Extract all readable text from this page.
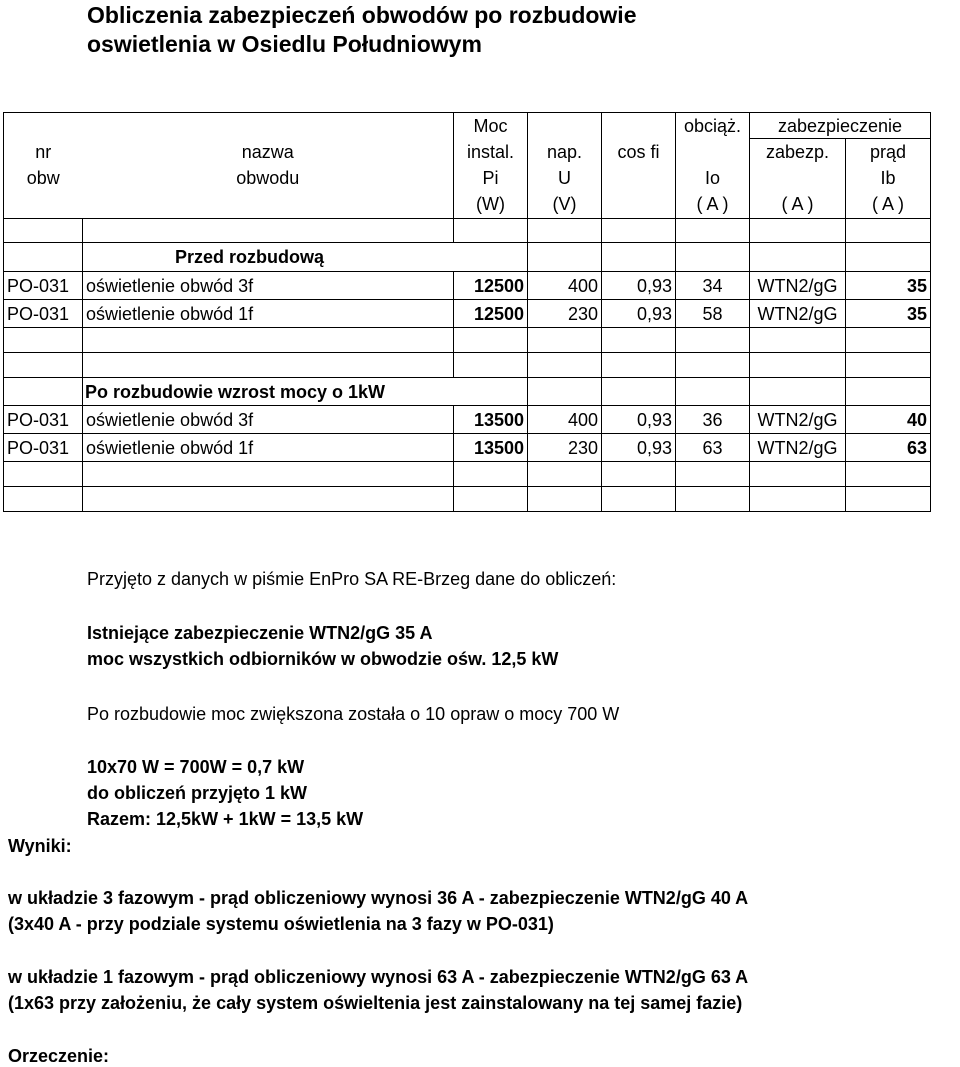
Obliczenia zabezpieczeń obwodów po rozbudowie
oswietlenia w Osiedlu Południowym
		Moc			obciąż.	zabezpieczenie	
nr	nazwa	instal.	nap.	cos fi		zabezp.	prąd
obw	obwodu	Pi	U		Io		Ib
		(W)	(V)		( A )	( A )	( A )

	Przed rozbudową						
PO-031	oświetlenie obwód 3f	12500	400	0,93	34	WTN2/gG	35
PO-031	oświetlenie obwód 1f	12500	230	0,93	58	WTN2/gG	35

	Po rozbudowie wzrost mocy o 1kW						
PO-031	oświetlenie obwód 3f	13500	400	0,93	36	WTN2/gG	40
PO-031	oświetlenie obwód 1f	13500	230	0,93	63	WTN2/gG	63

Przyjęto z danych w piśmie EnPro SA RE-Brzeg dane do obliczeń:
Istniejące zabezpieczenie WTN2/gG 35 A
moc wszystkich odbiorników w obwodzie ośw. 12,5 kW
Po rozbudowie moc zwiększona została o 10 opraw o mocy 700 W
10x70 W = 700W = 0,7 kW
do obliczeń przyjęto 1 kW
Razem: 12,5kW + 1kW = 13,5 kW
Wyniki:
w układzie 3 fazowym - prąd obliczeniowy wynosi 36 A - zabezpieczenie WTN2/gG 40 A
(3x40 A - przy podziale systemu oświetlenia na 3 fazy w PO-031)
w układzie 1 fazowym - prąd obliczeniowy wynosi 63 A - zabezpieczenie WTN2/gG 63 A
(1x63 przy założeniu, że cały system oświeltenia jest zainstalowany na tej samej fazie)
Orzeczenie:
